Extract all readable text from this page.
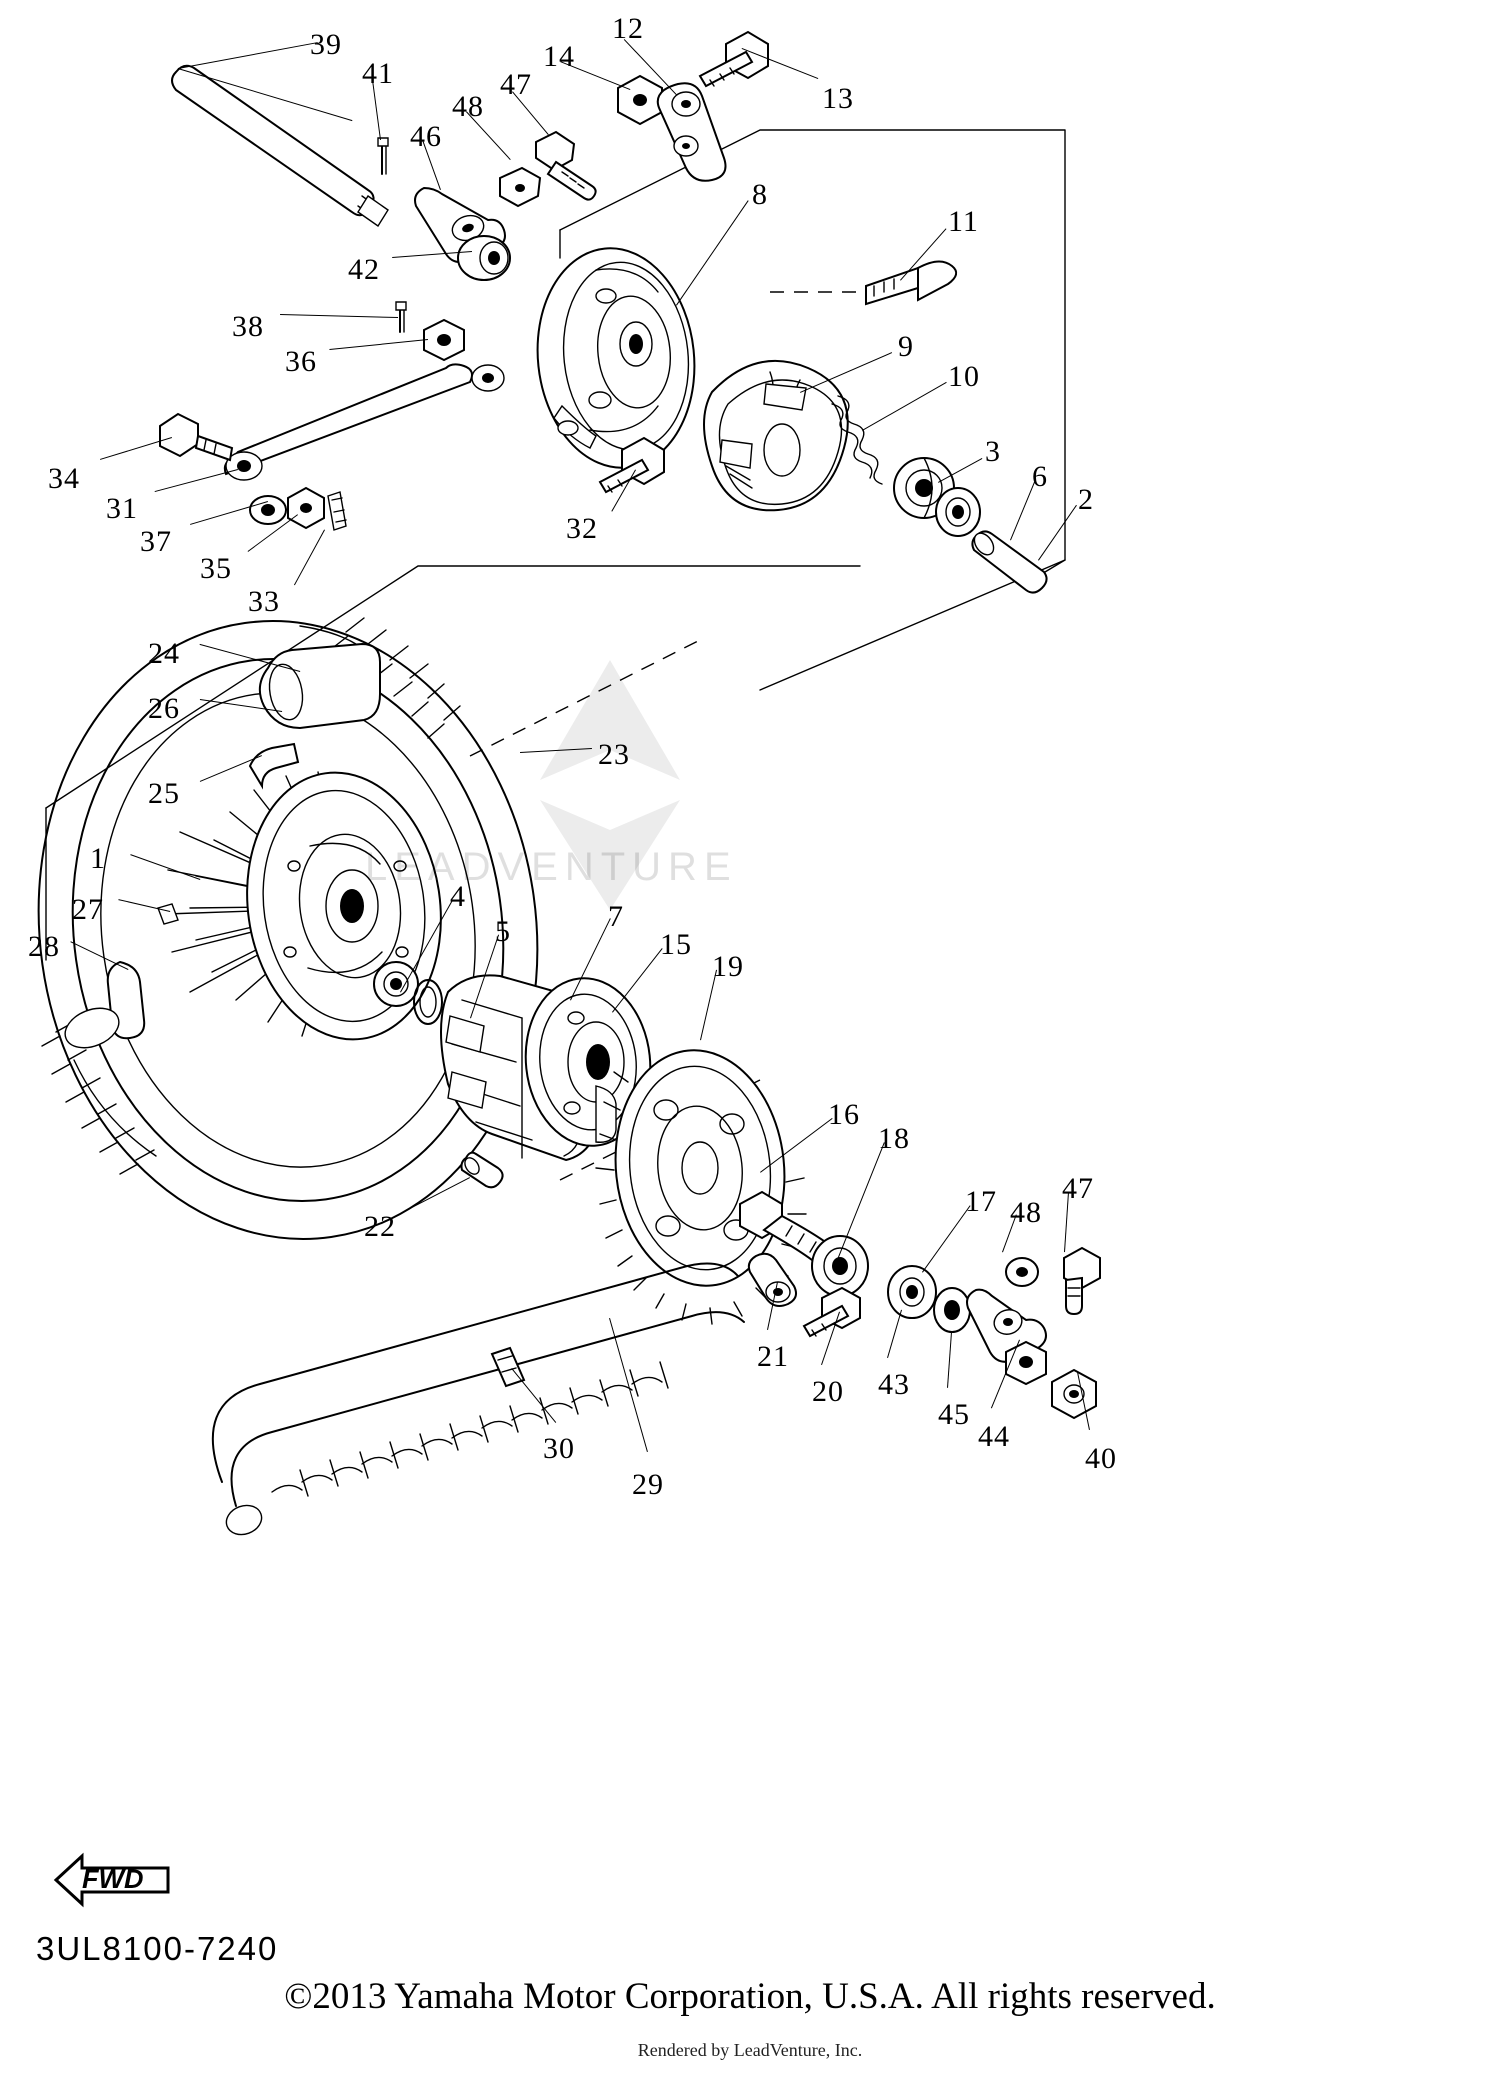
39
41
46
48
47
14
12
13
8
11
9
10
3
6
2
42
38
36
34
31
37
35
33
32
24
26
25
23
1
27
28
4
5	7
15
19
16
18
17 48
47
22
21
20 43
45
44
40
30
29
LEADVENTURE
FWD
3UL8100-7240
©2013 Yamaha Motor Corporation, U.S.A. All rights reserved.
Rendered by LeadVenture, Inc.
